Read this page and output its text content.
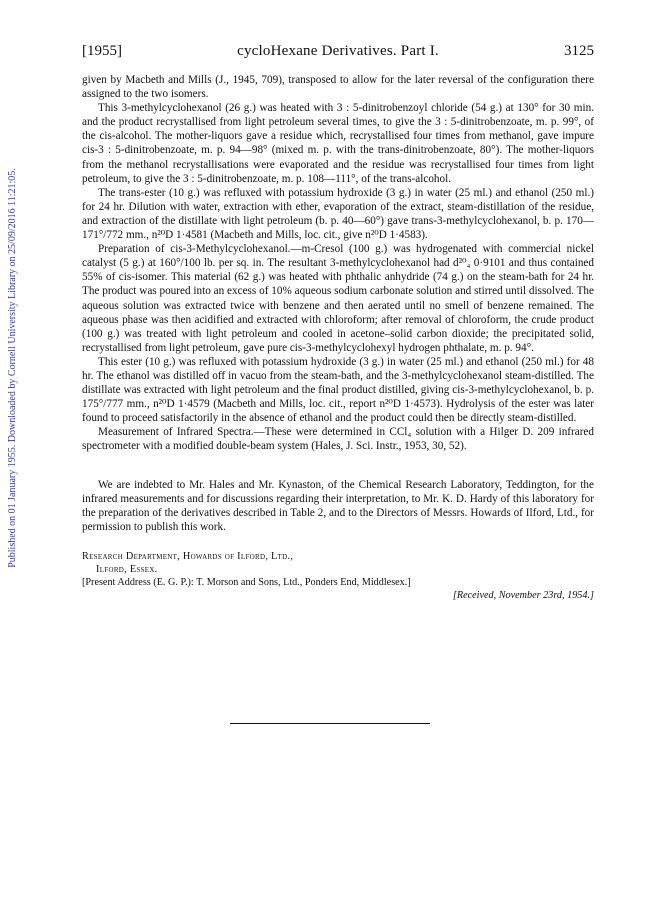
Published on 01 January 1955. Downloaded by Cornell University Library on 25/09/2016 11:21:05.
[1955]	cycloHexane Derivatives. Part I.	3125

given by Macbeth and Mills (J., 1945, 709), transposed to allow for the later reversal of the configuration there assigned to the two isomers.

This 3-methylcyclohexanol (26 g.) was heated with 3 : 5-dinitrobenzoyl chloride (54 g.) at 130° for 30 min. and the product recrystallised from light petroleum several times, to give the 3 : 5-dinitrobenzoate, m. p. 99°, of the cis-alcohol. The mother-liquors gave a residue which, recrystallised four times from methanol, gave impure cis-3 : 5-dinitrobenzoate, m. p. 94—98° (mixed m. p. with the trans-dinitrobenzoate, 80°). The mother-liquors from the methanol recrystallisations were evaporated and the residue was recrystallised four times from light petroleum, to give the 3 : 5-dinitrobenzoate, m. p. 108—111°, of the trans-alcohol.

The trans-ester (10 g.) was refluxed with potassium hydroxide (3 g.) in water (25 ml.) and ethanol (250 ml.) for 24 hr. Dilution with water, extraction with ether, evaporation of the extract, steam-distillation of the residue, and extraction of the distillate with light petroleum (b. p. 40—60°) gave trans-3-methylcyclohexanol, b. p. 170—171°/772 mm., n²⁰D 1·4581 (Macbeth and Mills, loc. cit., give n²⁰D 1·4583).

Preparation of cis-3-Methylcyclohexanol.—m-Cresol (100 g.) was hydrogenated with commercial nickel catalyst (5 g.) at 160°/100 lb. per sq. in. The resultant 3-methylcyclohexanol had d²⁰₄ 0·9101 and thus contained 55% of cis-isomer. This material (62 g.) was heated with phthalic anhydride (74 g.) on the steam-bath for 24 hr. The product was poured into an excess of 10% aqueous sodium carbonate solution and stirred until dissolved. The aqueous solution was extracted twice with benzene and then aerated until no smell of benzene remained. The aqueous phase was then acidified and extracted with chloroform; after removal of chloroform, the crude product (100 g.) was treated with light petroleum and cooled in acetone–solid carbon dioxide; the precipitated solid, recrystallised from light petroleum, gave pure cis-3-methylcyclohexyl hydrogen phthalate, m. p. 94°.

This ester (10 g.) was refluxed with potassium hydroxide (3 g.) in water (25 ml.) and ethanol (250 ml.) for 48 hr. The ethanol was distilled off in vacuo from the steam-bath, and the 3-methylcyclohexanol steam-distilled. The distillate was extracted with light petroleum and the final product distilled, giving cis-3-methylcyclohexanol, b. p. 175°/777 mm., n²⁰D 1·4579 (Macbeth and Mills, loc. cit., report n²⁰D 1·4573). Hydrolysis of the ester was later found to proceed satisfactorily in the absence of ethanol and the product could then be directly steam-distilled.

Measurement of Infrared Spectra.—These were determined in CCl₄ solution with a Hilger D. 209 infrared spectrometer with a modified double-beam system (Hales, J. Sci. Instr., 1953, 30, 52).

We are indebted to Mr. Hales and Mr. Kynaston, of the Chemical Research Laboratory, Teddington, for the infrared measurements and for discussions regarding their interpretation, to Mr. K. D. Hardy of this laboratory for the preparation of the derivatives described in Table 2, and to the Directors of Messrs. Howards of Ilford, Ltd., for permission to publish this work.

Research Department, Howards of Ilford, Ltd.,
Ilford, Essex.
[Present Address (E. G. P.): T. Morson and Sons, Ltd., Ponders End, Middlesex.]
[Received, November 23rd, 1954.]
